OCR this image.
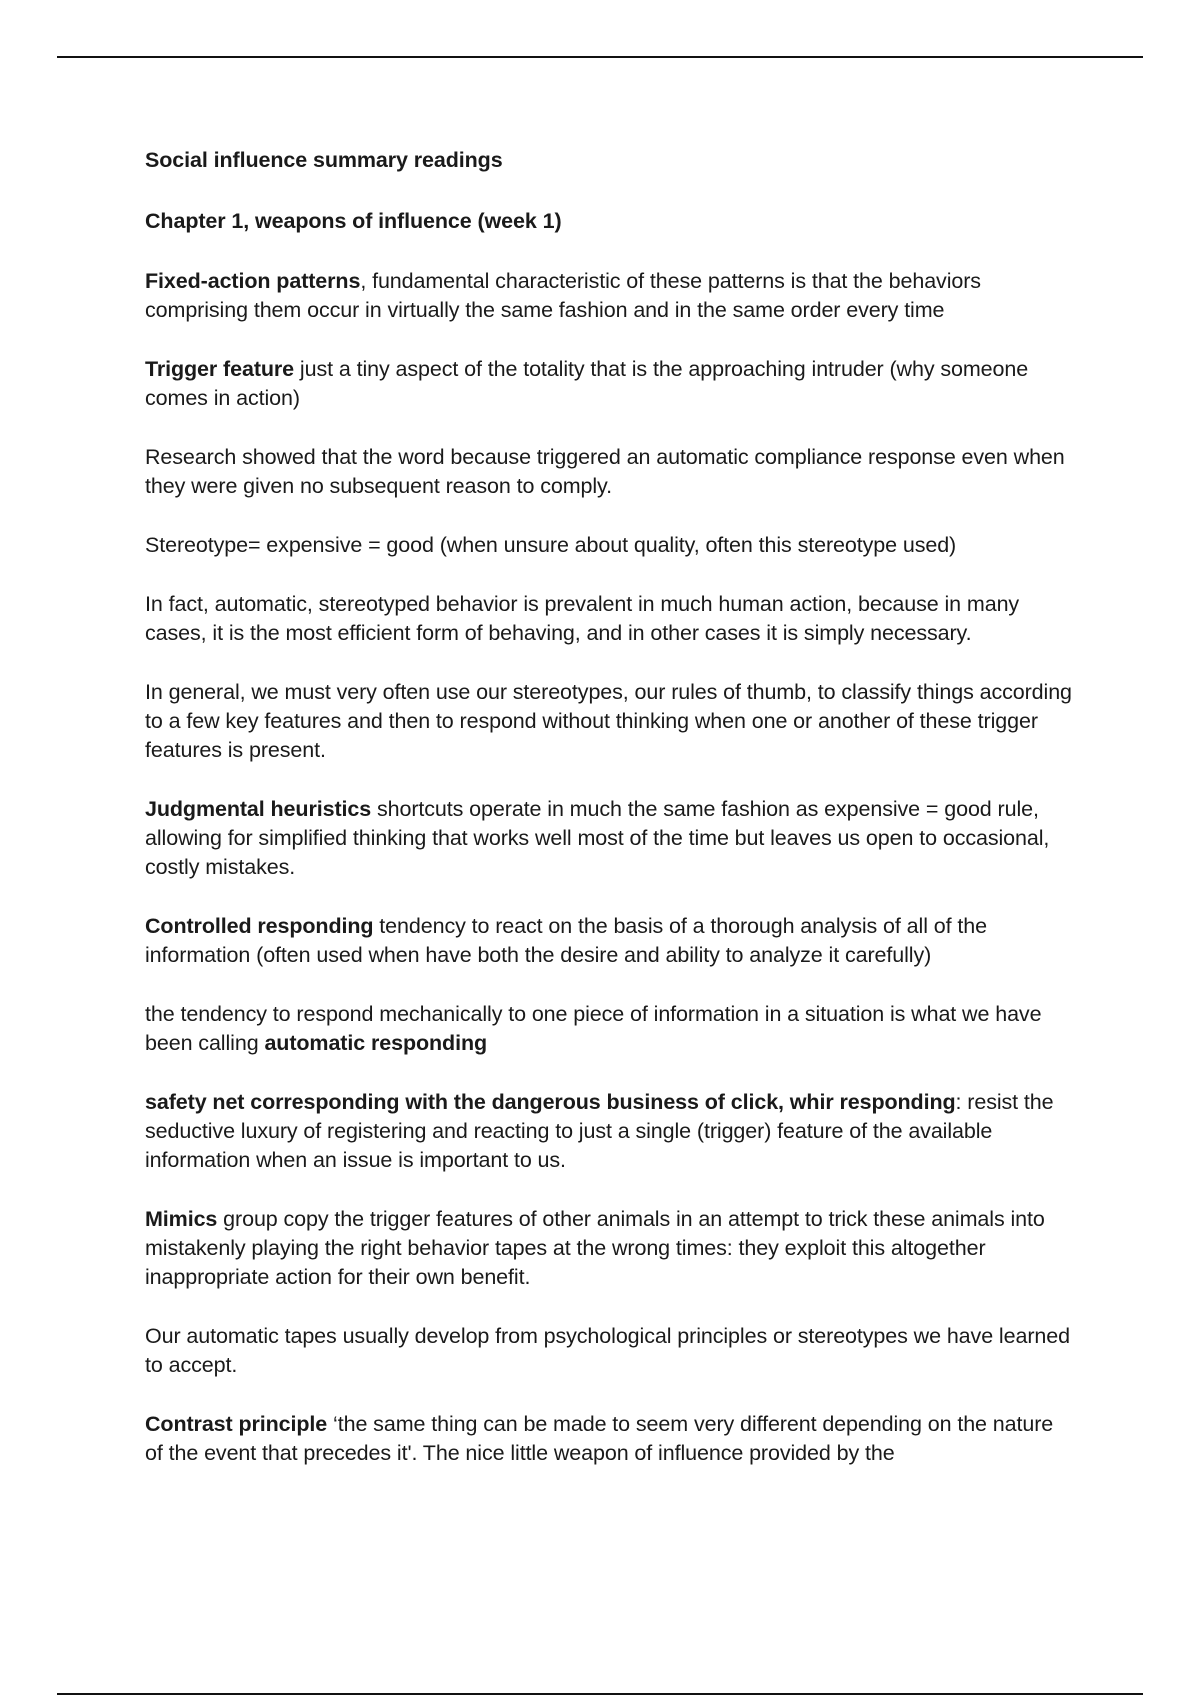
Social influence summary readings

Chapter 1, weapons of influence (week 1)

Fixed-action patterns, fundamental characteristic of these patterns is that the behaviors comprising them occur in virtually the same fashion and in the same order every time

Trigger feature just a tiny aspect of the totality that is the approaching intruder (why someone comes in action)

Research showed that the word because triggered an automatic compliance response even when they were given no subsequent reason to comply.

Stereotype= expensive = good (when unsure about quality, often this stereotype used)

In fact, automatic, stereotyped behavior is prevalent in much human action, because in many cases, it is the most efficient form of behaving, and in other cases it is simply necessary.

In general, we must very often use our stereotypes, our rules of thumb, to classify things according to a few key features and then to respond without thinking when one or another of these trigger features is present.

Judgmental heuristics shortcuts operate in much the same fashion as expensive = good rule, allowing for simplified thinking that works well most of the time but leaves us open to occasional, costly mistakes.

Controlled responding tendency to react on the basis of a thorough analysis of all of the information (often used when have both the desire and ability to analyze it carefully)

the tendency to respond mechanically to one piece of information in a situation is what we have been calling automatic responding

safety net corresponding with the dangerous business of click, whir responding: resist the seductive luxury of registering and reacting to just a single (trigger) feature of the available information when an issue is important to us.

Mimics group copy the trigger features of other animals in an attempt to trick these animals into mistakenly playing the right behavior tapes at the wrong times: they exploit this altogether inappropriate action for their own benefit.

Our automatic tapes usually develop from psychological principles or stereotypes we have learned to accept.

Contrast principle ‘the same thing can be made to seem very different depending on the nature of the event that precedes it'. The nice little weapon of influence provided by the
